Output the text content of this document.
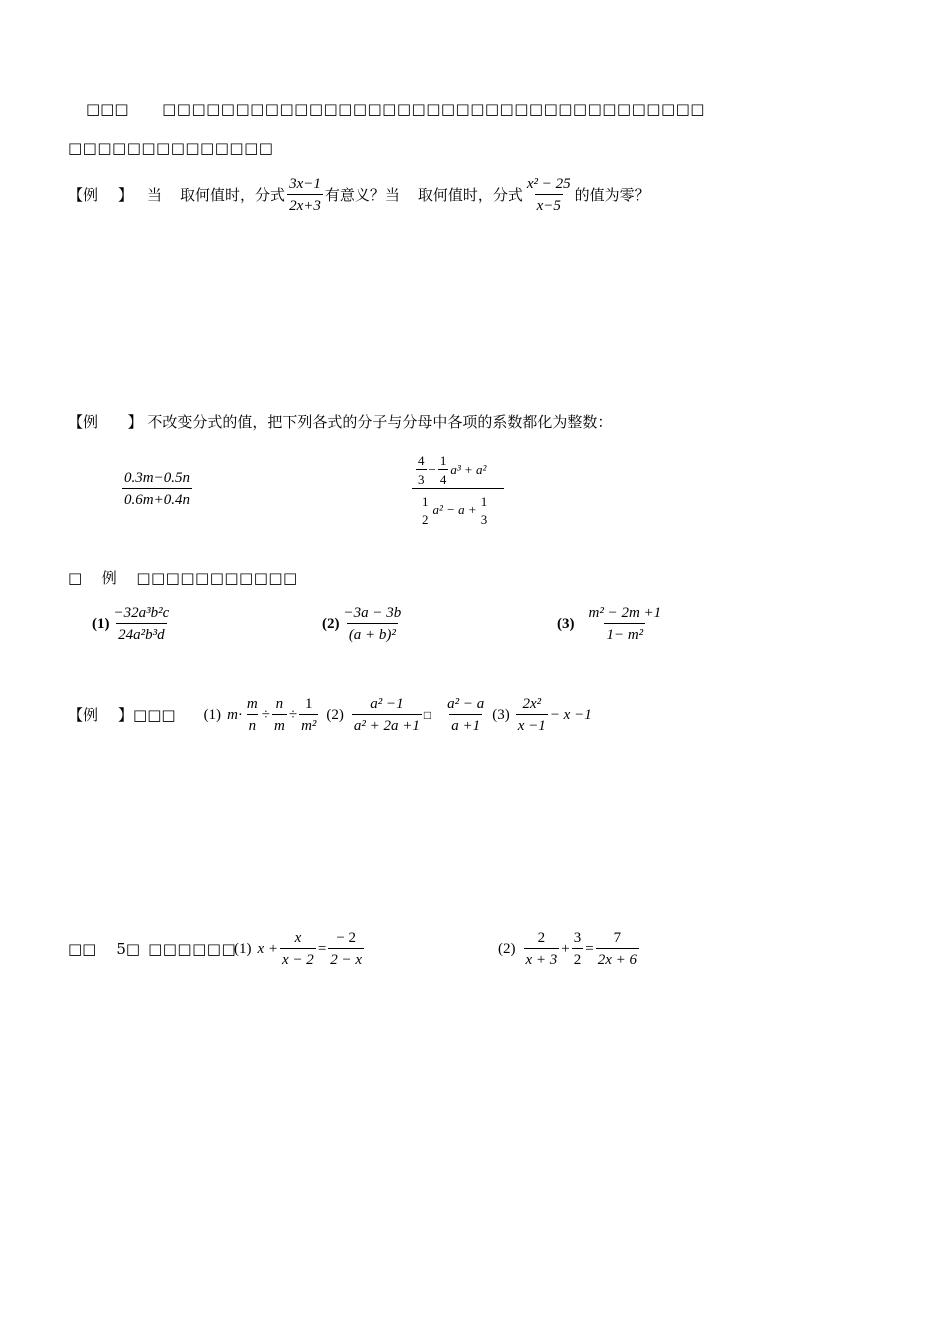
□□□ □□□□□□□□□□□□□□□□□□□□□□□□□□□□□□□□□□□□□
□□□□□□□□□□□□□□
【例 】 当 取何值时，分式 $\frac{3x-1}{2x+3}$ 有意义？当 取何值时，分式 $\frac{\text{x² − 25}}{x-5}$ 的值为零？
【例 】 不改变分式的值，把下列各式的分子与分母中各项的系数都化为整数：
$\frac{0.3m-0.5n}{0.6m+0.4n}$	$\frac{4}{3} - \frac{1}{4} a^3 + a^2$
1
2
a² − a +
1
3
□ 例 □□□□□□□□□□□
$(1) \frac{\text{−32a³b²c}}{\text{24a²b³d}}$	$(2) \frac{-3a - 3b}{\text{(a + b)²}}$	$(3) \frac{\text{m² − 2m +1}}{\text{1− m²}}$
【例 】 □□□ (1) $m \cdot \frac{m}{n} \div \frac{n}{m} \div \frac{1}{\text{m²}} (2) \frac{\text{a² −1}}{\text{a² + 2a +1}}$ □ $\frac{\text{a² − a}}{a +1} (3) \frac{\text{2x²}}{x -1} - x -1$
□□ 5□ □□□□□□
(1) $x + \frac{x}{x - 2} = \frac{- 2}{2 - x}$	$(2) \frac{2}{x + 3} + \frac{3}{2} = \frac{7}{2x + 6}$
